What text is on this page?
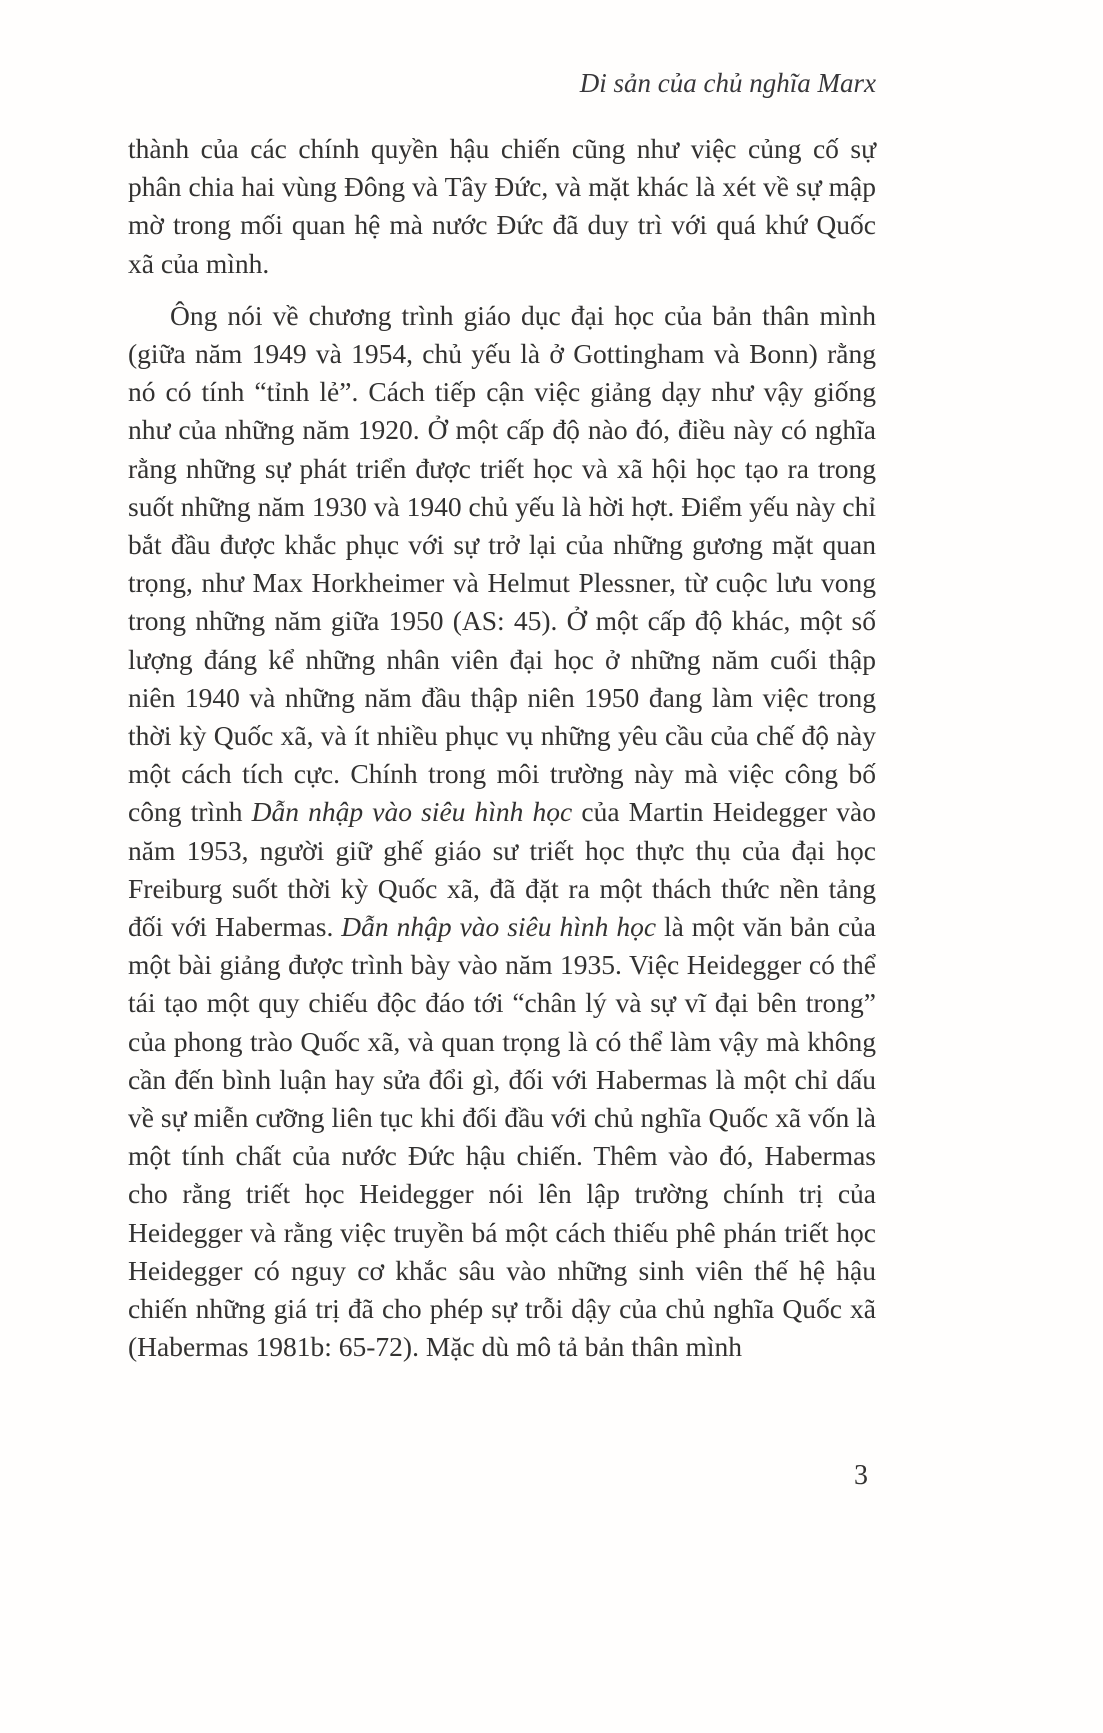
Di sản của chủ nghĩa Marx

thành của các chính quyền hậu chiến cũng như việc củng cố sự phân chia hai vùng Đông và Tây Đức, và mặt khác là xét về sự mập mờ trong mối quan hệ mà nước Đức đã duy trì với quá khứ Quốc xã của mình.

Ông nói về chương trình giáo dục đại học của bản thân mình (giữa năm 1949 và 1954, chủ yếu là ở Gottingham và Bonn) rằng nó có tính “tỉnh lẻ”. Cách tiếp cận việc giảng dạy như vậy giống như của những năm 1920. Ở một cấp độ nào đó, điều này có nghĩa rằng những sự phát triển được triết học và xã hội học tạo ra trong suốt những năm 1930 và 1940 chủ yếu là hời hợt. Điểm yếu này chỉ bắt đầu được khắc phục với sự trở lại của những gương mặt quan trọng, như Max Horkheimer và Helmut Plessner, từ cuộc lưu vong trong những năm giữa 1950 (AS: 45). Ở một cấp độ khác, một số lượng đáng kể những nhân viên đại học ở những năm cuối thập niên 1940 và những năm đầu thập niên 1950 đang làm việc trong thời kỳ Quốc xã, và ít nhiều phục vụ những yêu cầu của chế độ này một cách tích cực. Chính trong môi trường này mà việc công bố công trình Dẫn nhập vào siêu hình học của Martin Heidegger vào năm 1953, người giữ ghế giáo sư triết học thực thụ của đại học Freiburg suốt thời kỳ Quốc xã, đã đặt ra một thách thức nền tảng đối với Habermas. Dẫn nhập vào siêu hình học là một văn bản của một bài giảng được trình bày vào năm 1935. Việc Heidegger có thể tái tạo một quy chiếu độc đáo tới “chân lý và sự vĩ đại bên trong” của phong trào Quốc xã, và quan trọng là có thể làm vậy mà không cần đến bình luận hay sửa đổi gì, đối với Habermas là một chỉ dấu về sự miễn cưỡng liên tục khi đối đầu với chủ nghĩa Quốc xã vốn là một tính chất của nước Đức hậu chiến. Thêm vào đó, Habermas cho rằng triết học Heidegger nói lên lập trường chính trị của Heidegger và rằng việc truyền bá một cách thiếu phê phán triết học Heidegger có nguy cơ khắc sâu vào những sinh viên thế hệ hậu chiến những giá trị đã cho phép sự trỗi dậy của chủ nghĩa Quốc xã (Habermas 1981b: 65-72). Mặc dù mô tả bản thân mình

3
